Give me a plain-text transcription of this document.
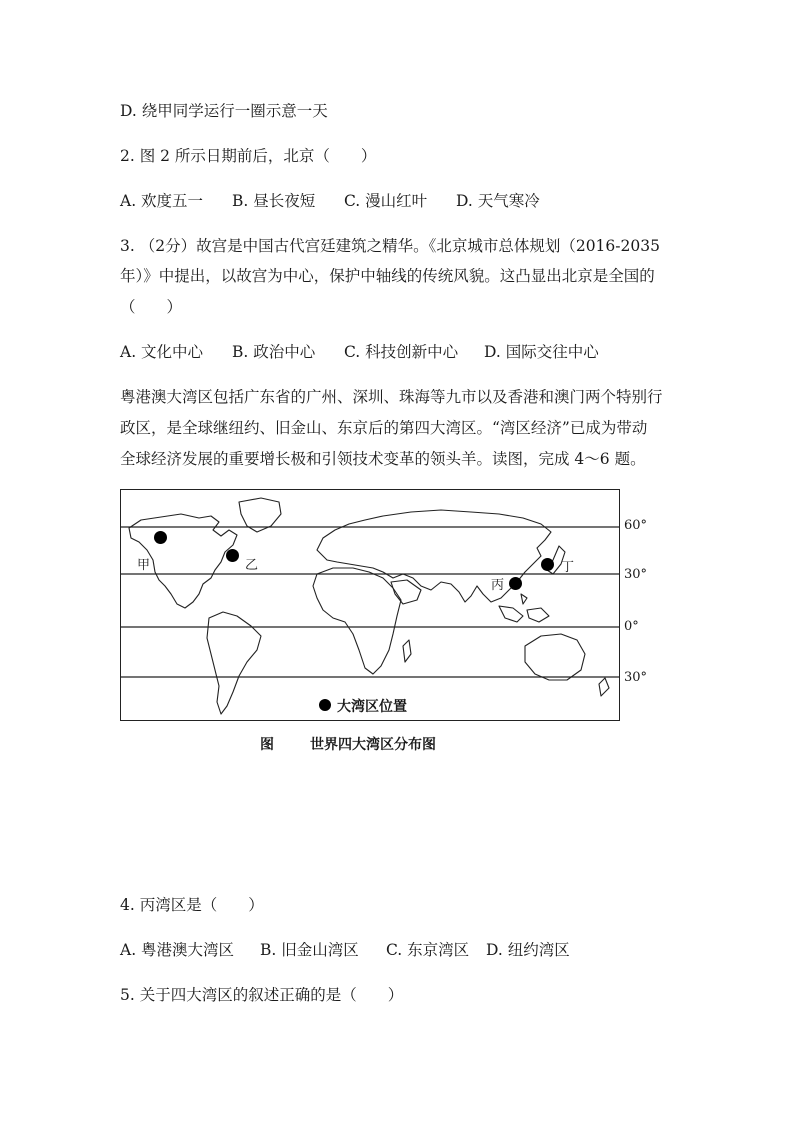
D. 绕甲同学运行一圈示意一天
2. 图 2 所示日期前后，北京（　　）
A. 欢度五一 B. 昼长夜短 C. 漫山红叶 D. 天气寒冷
3. （2分）故宫是中国古代宫廷建筑之精华。《北京城市总体规划（2016-2035
年）》中提出，以故宫为中心，保护中轴线的传统风貌。这凸显出北京是全国的
（　　）
A. 文化中心 B. 政治中心 C. 科技创新中心 D. 国际交往中心
粤港澳大湾区包括广东省的广州、深圳、珠海等九市以及香港和澳门两个特别行
政区，是全球继纽约、旧金山、东京后的第四大湾区。“湾区经济”已成为带动
全球经济发展的重要增长极和引领技术变革的领头羊。读图，完成 4～6 题。
甲	乙
丙
丁
大湾区位置
60°
30°
0°
30°
图	世界四大湾区分布图
4. 丙湾区是（　　）
A. 粤港澳大湾区 B. 旧金山湾区 C. 东京湾区 D. 纽约湾区
5. 关于四大湾区的叙述正确的是（　　）
